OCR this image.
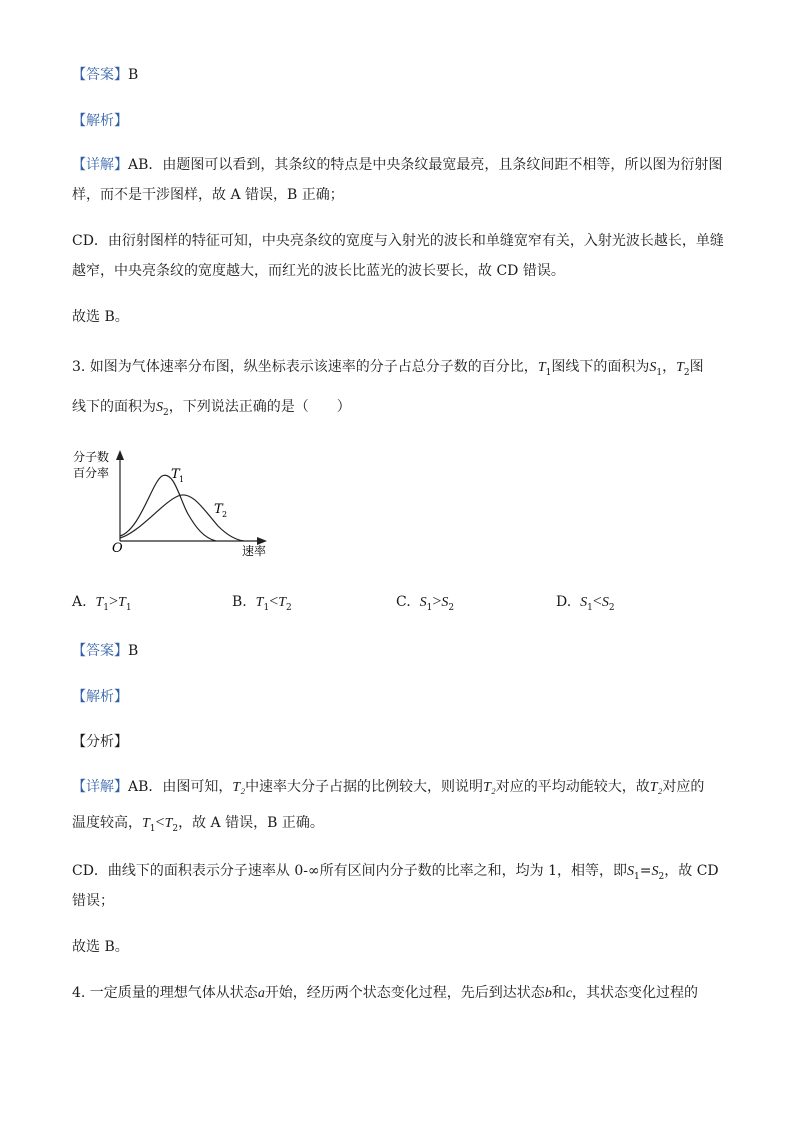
【答案】B
【解析】
【详解】AB．由题图可以看到，其条纹的特点是中央条纹最宽最亮，且条纹间距不相等，所以图为衍射图
样，而不是干涉图样，故 A 错误，B 正确；
CD．由衍射图样的特征可知，中央亮条纹的宽度与入射光的波长和单缝宽窄有关，入射光波长越长，单缝
越窄，中央亮条纹的宽度越大，而红光的波长比蓝光的波长要长，故 CD 错误。
故选 B。
3. 如图为气体速率分布图，纵坐标表示该速率的分子占总分子数的百分比，$T_1$图线下的面积为$S_1$，$T_2$图
线下的面积为$S_2$，下列说法正确的是（　　）
分子数
百分率
O	速率
T 1
T 2
A. $T_1>T_1$	B. $T_1<T_2$	C. $S_1>S_2$	D. $S_1<S_2$
【答案】B
【解析】
【分析】
【详解】AB．由图可知，T₂中速率大分子占据的比例较大，则说明T₂对应的平均动能较大，故T₂对应的
温度较高，$T_1<T_2$，故 A 错误，B 正确。
CD．曲线下的面积表示分子速率从 0-∞所有区间内分子数的比率之和，均为 1，相等，即$S_1=S_2$，故 CD
错误；
故选 B。
4. 一定质量的理想气体从状态a开始，经历两个状态变化过程，先后到达状态b和c，其状态变化过程的
